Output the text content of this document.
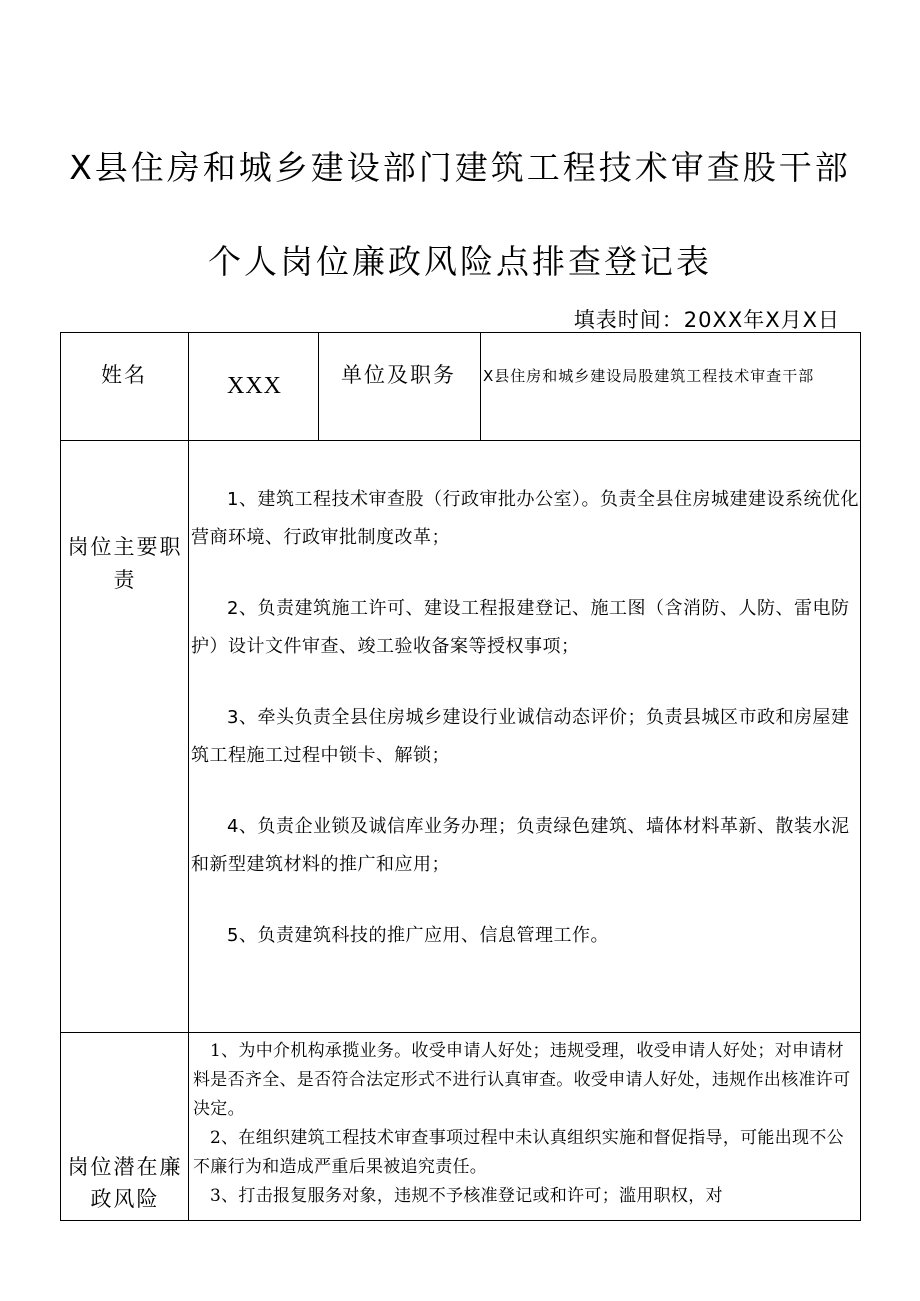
X县住房和城乡建设部门建筑工程技术审查股干部
个人岗位廉政风险点排查登记表
填表时间：20XX年X月X日
姓名	XXX	单位及职务 X县住房和城乡建设局股建筑工程技术审查干部
岗位主要职责
1、建筑工程技术审查股（行政审批办公室）。负责全县住房城建建设系统优化营商环境、行政审批制度改革；
2、负责建筑施工许可、建设工程报建登记、施工图（含消防、人防、雷电防护）设计文件审查、竣工验收备案等授权事项；
3、牵头负责全县住房城乡建设行业诚信动态评价；负责县城区市政和房屋建筑工程施工过程中锁卡、解锁；
4、负责企业锁及诚信库业务办理；负责绿色建筑、墙体材料革新、散装水泥和新型建筑材料的推广和应用；
5、负责建筑科技的推广应用、信息管理工作。
岗位潜在廉政风险
1、为中介机构承揽业务。收受申请人好处；违规受理，收受申请人好处；对申请材料是否齐全、是否符合法定形式不进行认真审查。收受申请人好处，违规作出核准许可决定。
2、在组织建筑工程技术审查事项过程中未认真组织实施和督促指导，可能出现不公不廉行为和造成严重后果被追究责任。
3、打击报复服务对象，违规不予核准登记或和许可；滥用职权，对
